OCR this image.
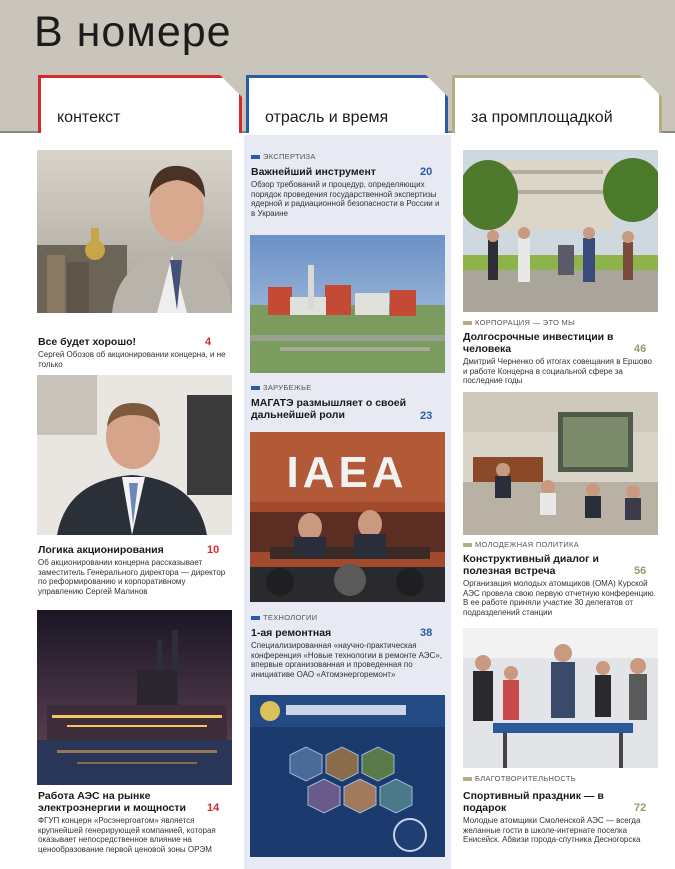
В номере
контекст	отрасль и время	за промплощадкой
Все будет хорошо!	4
Сергей Обозов об акционировании концерна, и не только
Логика акционирования	10
Об акционировании концерна рассказывает заместитель Генерального директора — директор по реформированию и корпоративному управлению Сергей Малинов
Работа АЭС на рынке электроэнергии и мощности	14
ФГУП концерн «Росэнергоатом» является крупнейшей генерирующей компанией, которая оказывает непосредственное влияние на ценообразование первой ценовой зоны ОРЭМ
ЭКСПЕРТИЗА
Важнейший инструмент	20
Обзор требований и процедур, определяющих порядок проведения государственной экспертизы ядерной и радиационной безопасности в России и в Украине
ЗАРУБЕЖЬЕ
МАГАТЭ размышляет о своей дальнейшей роли	23
IAEA
ТЕХНОЛОГИИ
1-ая ремонтная	38
Специализированная «научно-практическая конференция «Новые технологии в ремонте АЭС», впервые организованная и проведенная по инициативе ОАО «Атомэнергоремонт»
КОРПОРАЦИЯ — ЭТО МЫ
Долгосрочные инвестиции в человека	46
Дмитрий Черненко об итогах совещания в Ершово и работе Концерна в социальной сфере за последние годы
МОЛОДЕЖНАЯ ПОЛИТИКА
Конструктивный диалог и полезная встреча	56
Организация молодых атомщиков (ОМА) Курской АЭС провела свою первую отчетную конференцию. В ее работе приняли участие 30 делегатов от подразделений станции
БЛАГОТВОРИТЕЛЬНОСТЬ
Спортивный праздник — в подарок	72
Молодые атомщики Смоленской АЭС — всегда желанные гости в школе-интернате поселка Енисейск. Абвизи города-спутника Десногорска
